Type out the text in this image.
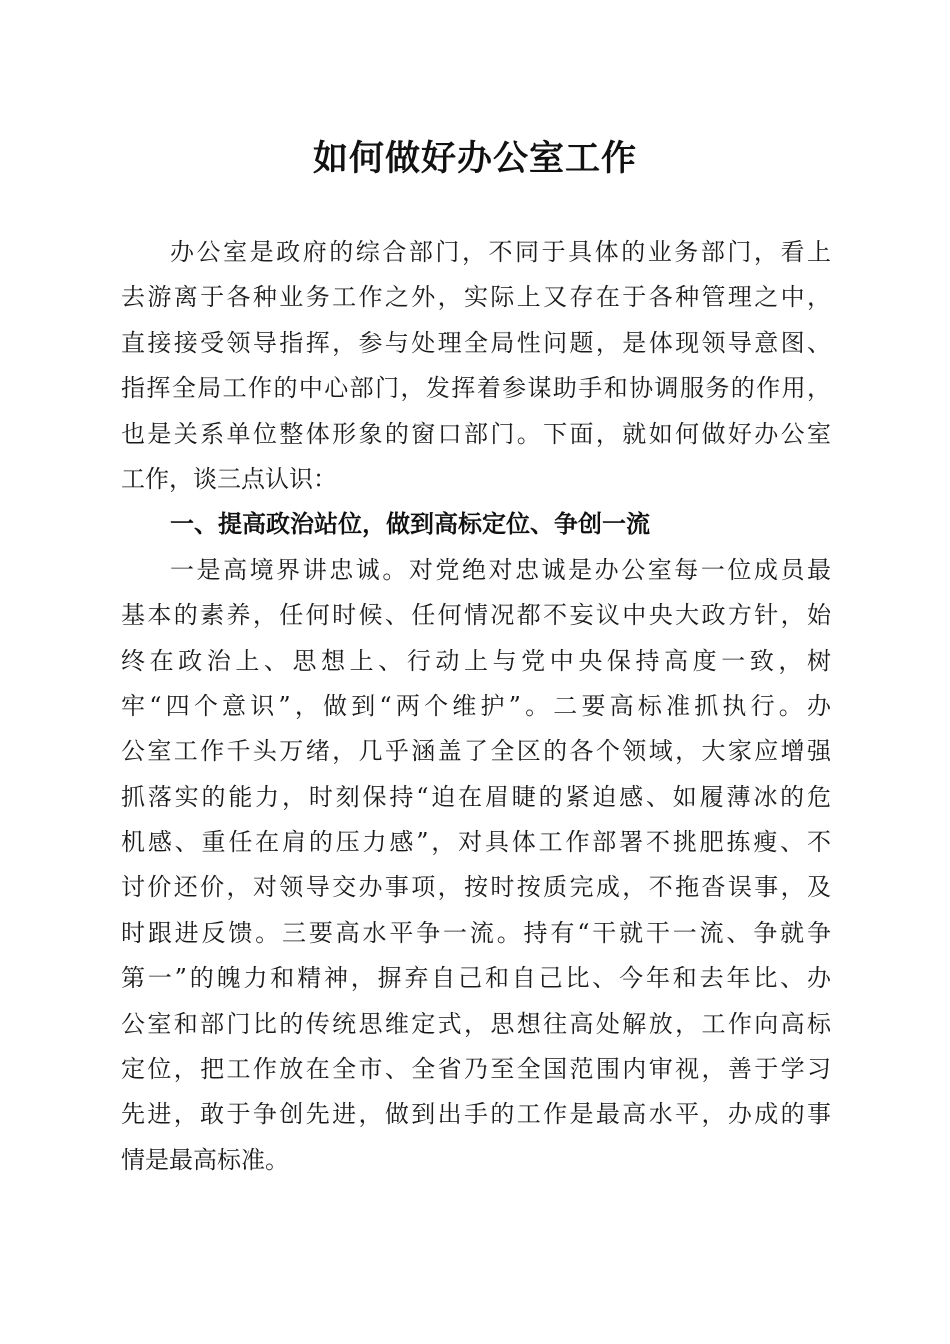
如何做好办公室工作
办公室是政府的综合部门，不同于具体的业务部门，看上
去游离于各种业务工作之外，实际上又存在于各种管理之中，
直接接受领导指挥，参与处理全局性问题，是体现领导意图、
指挥全局工作的中心部门，发挥着参谋助手和协调服务的作用，
也是关系单位整体形象的窗口部门。下面，就如何做好办公室
工作，谈三点认识：
一、提高政治站位，做到高标定位、争创一流
一是高境界讲忠诚。对党绝对忠诚是办公室每一位成员最
基本的素养，任何时候、任何情况都不妄议中央大政方针，始
终在政治上、思想上、行动上与党中央保持高度一致，树
牢“四个意识”，做到“两个维护”。二要高标准抓执行。办
公室工作千头万绪，几乎涵盖了全区的各个领域，大家应增强
抓落实的能力，时刻保持“迫在眉睫的紧迫感、如履薄冰的危
机感、重任在肩的压力感”，对具体工作部署不挑肥拣瘦、不
讨价还价，对领导交办事项，按时按质完成，不拖沓误事，及
时跟进反馈。三要高水平争一流。持有“干就干一流、争就争
第一”的魄力和精神，摒弃自己和自己比、今年和去年比、办
公室和部门比的传统思维定式，思想往高处解放，工作向高标
定位，把工作放在全市、全省乃至全国范围内审视，善于学习
先进，敢于争创先进，做到出手的工作是最高水平，办成的事
情是最高标准。
